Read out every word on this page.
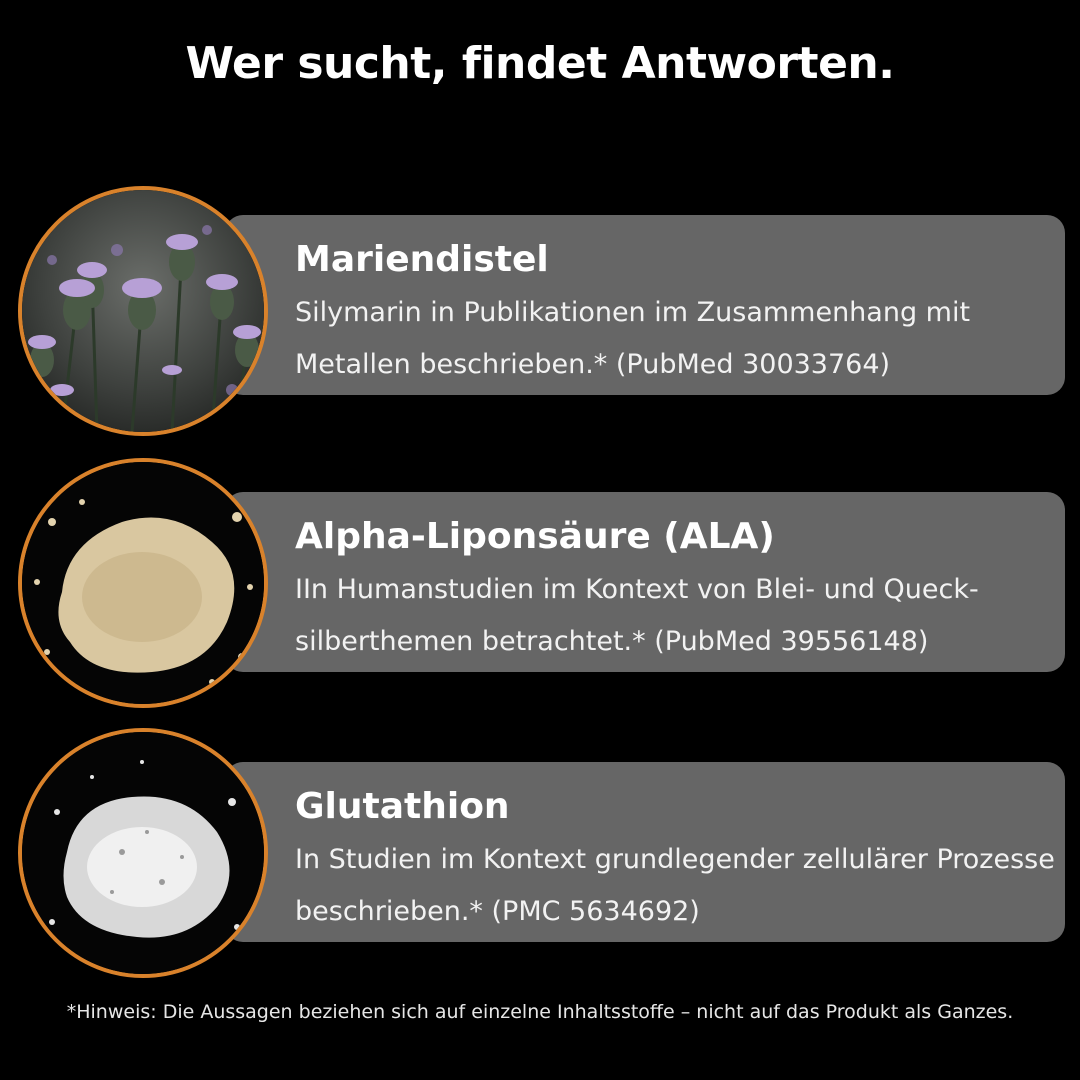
Wer sucht, findet Antworten.
Mariendistel
Silymarin in Publikationen im Zusammenhang mit Metallen beschrieben.* (PubMed 30033764)
Alpha-Liponsäure (ALA)
IIn Humanstudien im Kontext von Blei- und Queck-silberthemen betrachtet.* (PubMed 39556148)
Glutathion
In Studien im Kontext grundlegender zellulärer Prozesse beschrieben.* (PMC 5634692)
*Hinweis: Die Aussagen beziehen sich auf einzelne Inhaltsstoffe – nicht auf das Produkt als Ganzes.
